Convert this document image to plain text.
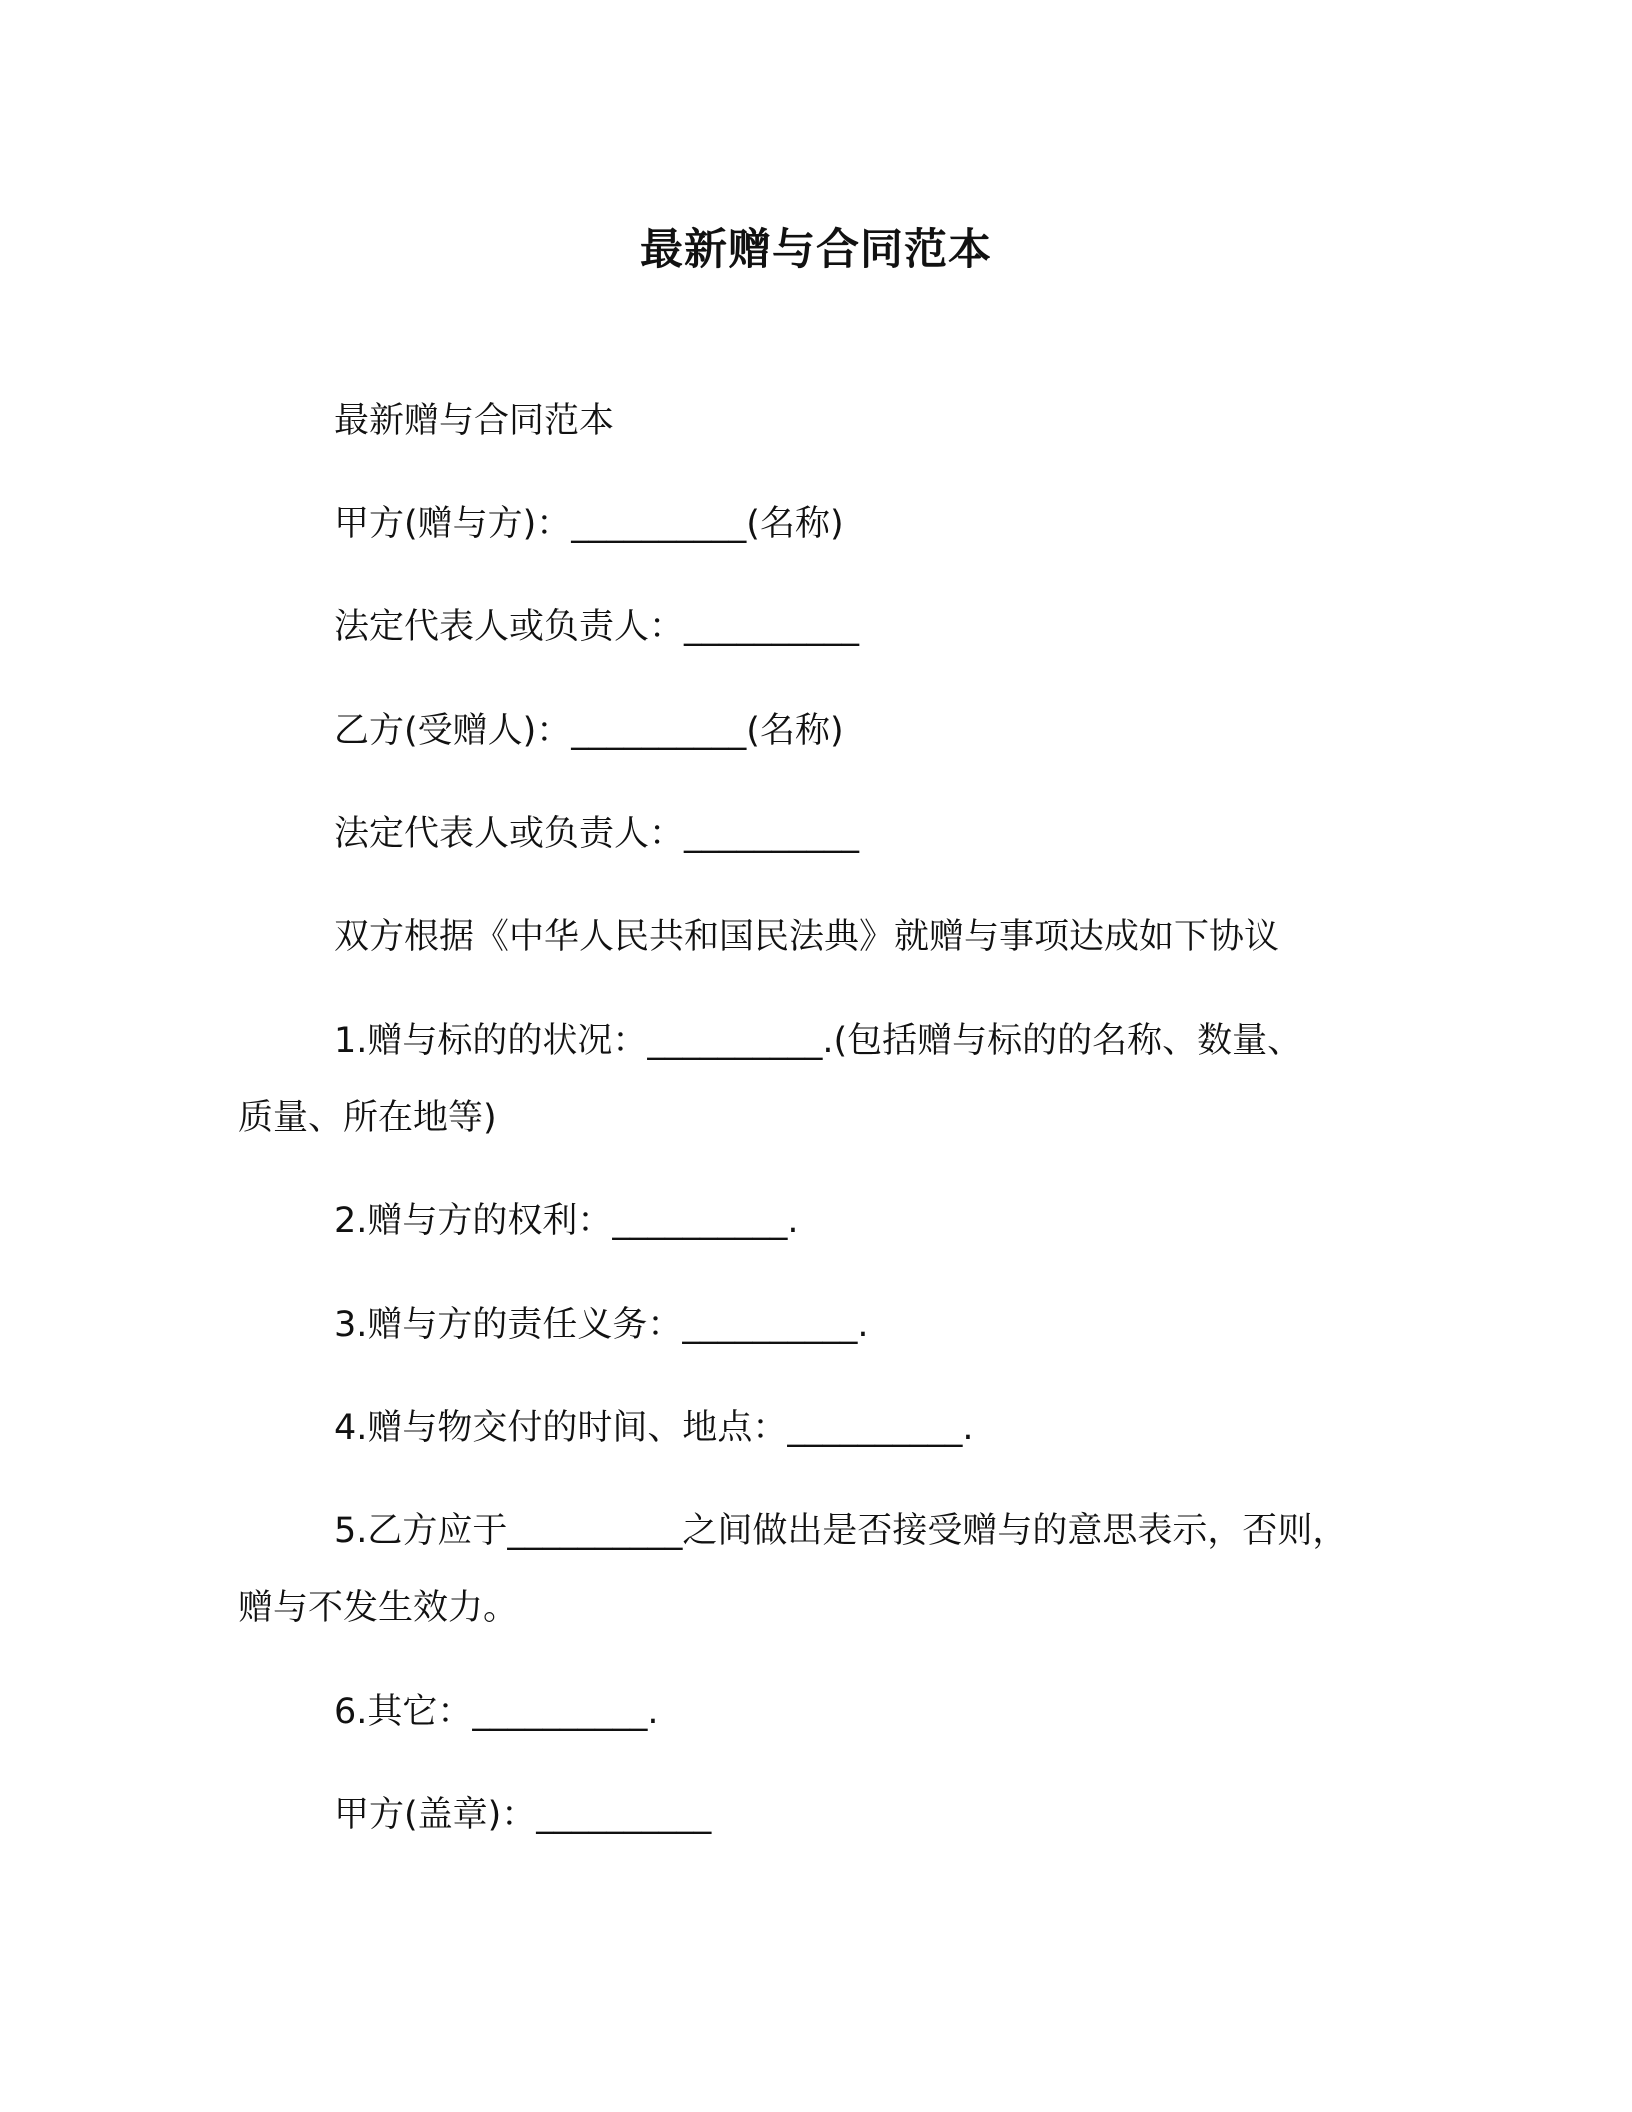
最新赠与合同范本

最新赠与合同范本

甲方(赠与方)：__________(名称)

法定代表人或负责人：__________

乙方(受赠人)：__________(名称)

法定代表人或负责人：__________

双方根据《中华人民共和国民法典》就赠与事项达成如下协议

1.赠与标的的状况：__________.(包括赠与标的的名称、数量、

质量、所在地等)

2.赠与方的权利：__________.

3.赠与方的责任义务：__________.

4.赠与物交付的时间、地点：__________.

5.乙方应于__________之间做出是否接受赠与的意思表示，否则，

赠与不发生效力。

6.其它：__________.

甲方(盖章)：__________
